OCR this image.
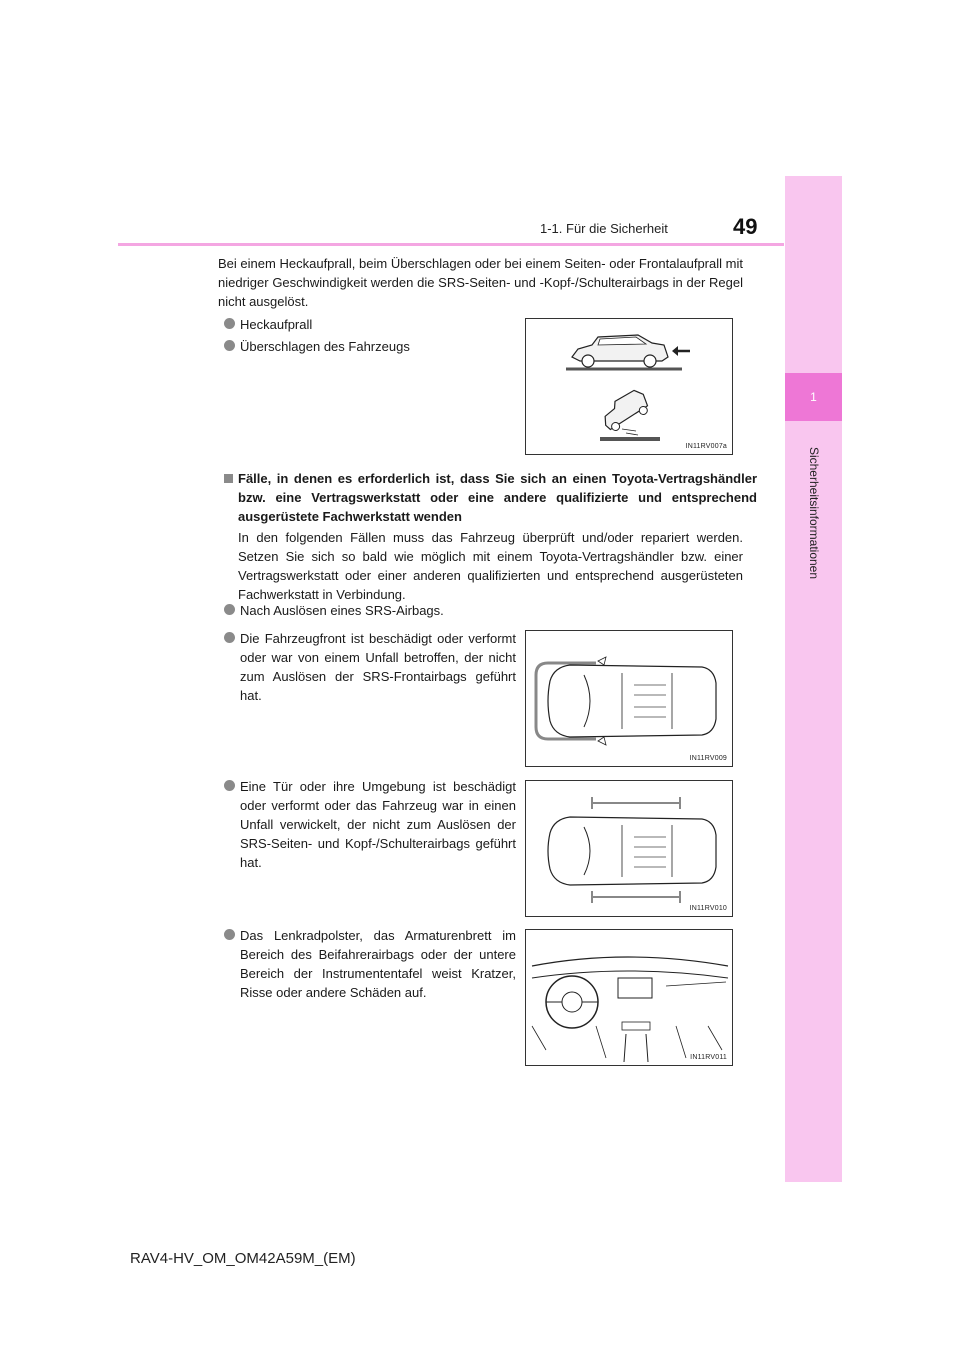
1
Sicherheitsinformationen
1-1. Für die Sicherheit	49
Bei einem Heckaufprall, beim Überschlagen oder bei einem Seiten- oder Frontalaufprall mit niedriger Geschwindigkeit werden die SRS-Seiten- und -Kopf-/Schulterairbags in der Regel nicht ausgelöst.
Heckaufprall
Überschlagen des Fahrzeugs
IN11RV007a
Fälle, in denen es erforderlich ist, dass Sie sich an einen Toyota-Vertragshändler bzw. eine Vertragswerkstatt oder eine andere qualifizierte und entsprechend ausgerüstete Fachwerkstatt wenden
In den folgenden Fällen muss das Fahrzeug überprüft und/oder repariert werden. Setzen Sie sich so bald wie möglich mit einem Toyota-Vertragshändler bzw. einer Vertragswerkstatt oder einer anderen qualifizierten und entsprechend ausgerüsteten Fachwerkstatt in Verbindung.
Nach Auslösen eines SRS-Airbags.
Die Fahrzeugfront ist beschädigt oder verformt oder war von einem Unfall betroffen, der nicht zum Auslösen der SRS-Frontairbags geführt hat.
Eine Tür oder ihre Umgebung ist beschädigt oder verformt oder das Fahrzeug war in einen Unfall verwickelt, der nicht zum Auslösen der SRS-Seiten- und Kopf-/Schulterairbags geführt hat.
Das Lenkradpolster, das Armaturenbrett im Bereich des Beifahrerairbags oder der untere Bereich der Instrumententafel weist Kratzer, Risse oder andere Schäden auf.
IN11RV009
IN11RV010
IN11RV011
RAV4-HV_OM_OM42A59M_(EM)
